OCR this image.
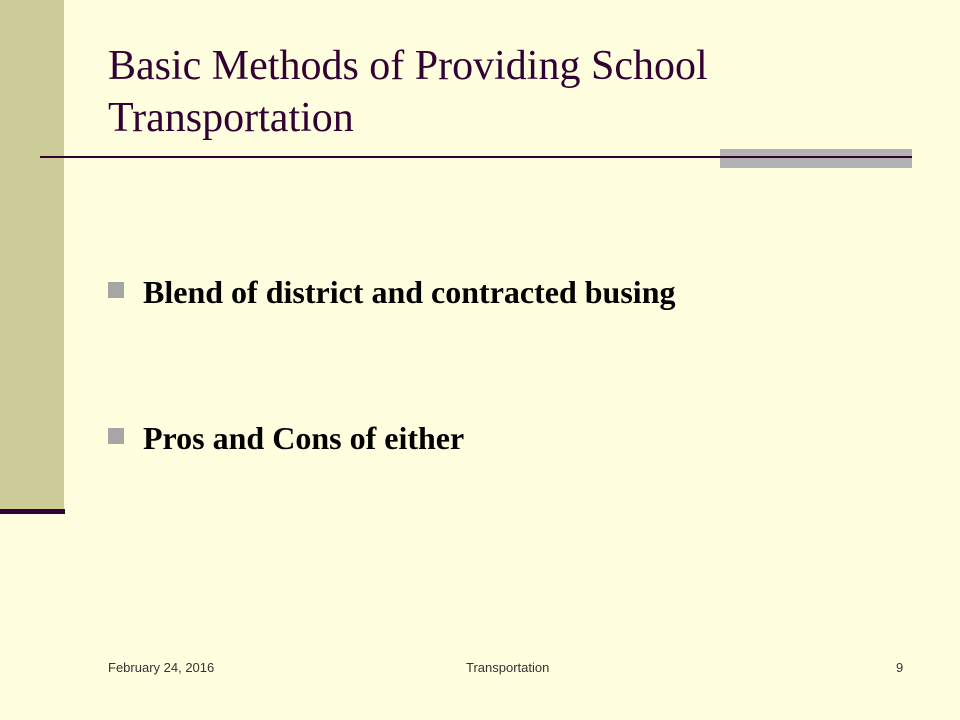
Basic Methods of Providing School Transportation
Blend of district and contracted busing
Pros and Cons of either
February 24, 2016	Transportation	9
